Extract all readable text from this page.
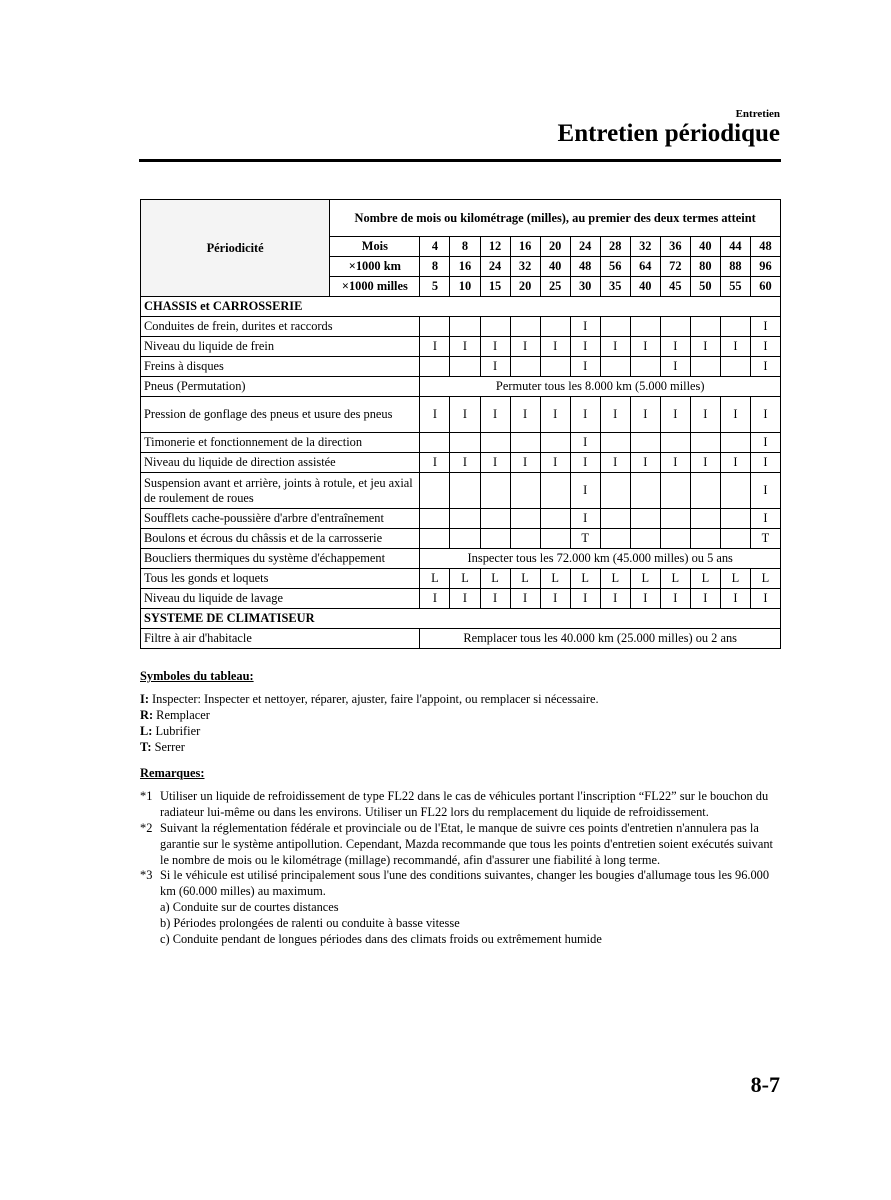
Entretien
Entretien périodique
Périodicité	Nombre de mois ou kilométrage (milles), au premier des deux termes atteint												
	Mois	4	8	12	16	20	24	28	32	36	40	44	48
	×1000 km	8	16	24	32	40	48	56	64	72	80	88	96
	×1000 milles	5	10	15	20	25	30	35	40	45	50	55	60
CHASSIS et CARROSSERIE													
Conduites de frein, durites et raccords							I						I
Niveau du liquide de frein		I	I	I	I	I	I	I	I	I	I	I	I
Freins à disques				I			I			I			I
Pneus (Permutation)		Permuter tous les 8.000 km (5.000 milles)											
Pression de gonflage des pneus et usure des pneus		I	I	I	I	I	I	I	I	I	I	I	I
Timonerie et fonctionnement de la direction							I						I
Niveau du liquide de direction assistée		I	I	I	I	I	I	I	I	I	I	I	I
Suspension avant et arrière, joints à rotule, et jeu axial de roulement de roues							I						I
Soufflets cache-poussière d'arbre d'entraînement							I						I
Boulons et écrous du châssis et de la carrosserie							T						T
Boucliers thermiques du système d'échappement		Inspecter tous les 72.000 km (45.000 milles) ou 5 ans											
Tous les gonds et loquets		L	L	L	L	L	L	L	L	L	L	L	L
Niveau du liquide de lavage		I	I	I	I	I	I	I	I	I	I	I	I
SYSTEME DE CLIMATISEUR													
Filtre à air d'habitacle		Remplacer tous les 40.000 km (25.000 milles) ou 2 ans											
Symboles du tableau:
I: Inspecter: Inspecter et nettoyer, réparer, ajuster, faire l'appoint, ou remplacer si nécessaire.
R: Remplacer
L: Lubrifier
T: Serrer
Remarques:
*1 Utiliser un liquide de refroidissement de type FL22 dans le cas de véhicules portant l'inscription “FL22” sur le bouchon du radiateur lui-même ou dans les environs. Utiliser un FL22 lors du remplacement du liquide de refroidissement.
*2 Suivant la réglementation fédérale et provinciale ou de l'Etat, le manque de suivre ces points d'entretien n'annulera pas la garantie sur le système antipollution. Cependant, Mazda recommande que tous les points d'entretien soient exécutés suivant le nombre de mois ou le kilométrage (millage) recommandé, afin d'assurer une fiabilité à long terme.
*3 Si le véhicule est utilisé principalement sous l'une des conditions suivantes, changer les bougies d'allumage tous les 96.000 km (60.000 milles) au maximum.
a) Conduite sur de courtes distances
b) Périodes prolongées de ralenti ou conduite à basse vitesse
c) Conduite pendant de longues périodes dans des climats froids ou extrêmement humide
8-7
